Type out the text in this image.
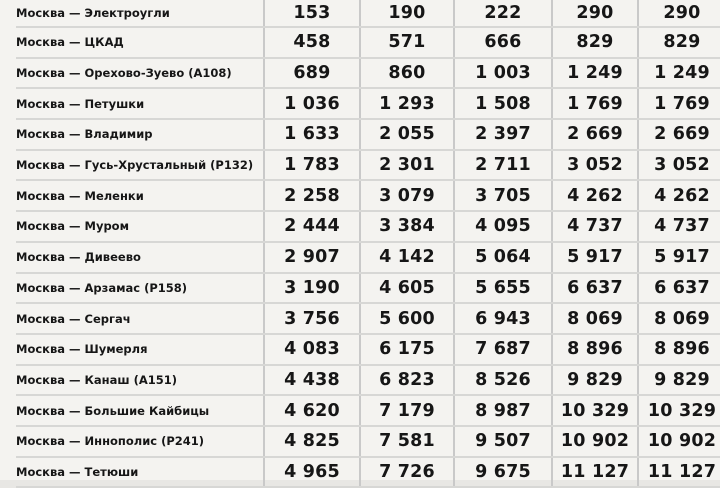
Москва — Электроугли	153	190	222	290	290
Москва — ЦКАД	458	571	666	829	829
Москва — Орехово-Зуево (А108)	689	860	1 003	1 249	1 249
Москва — Петушки	1 036	1 293	1 508	1 769	1 769
Москва — Владимир	1 633	2 055	2 397	2 669	2 669
Москва — Гусь-Хрустальный (Р132)	1 783	2 301	2 711	3 052	3 052
Москва — Меленки	2 258	3 079	3 705	4 262	4 262
Москва — Муром	2 444	3 384	4 095	4 737	4 737
Москва — Дивеево	2 907	4 142	5 064	5 917	5 917
Москва — Арзамас (Р158)	3 190	4 605	5 655	6 637	6 637
Москва — Сергач	3 756	5 600	6 943	8 069	8 069
Москва — Шумерля	4 083	6 175	7 687	8 896	8 896
Москва — Канаш (А151)	4 438	6 823	8 526	9 829	9 829
Москва — Большие Кайбицы	4 620	7 179	8 987	10 329	10 329
Москва — Иннополис (Р241)	4 825	7 581	9 507	10 902	10 902
Москва — Тетюши	4 965	7 726	9 675	11 127	11 127
